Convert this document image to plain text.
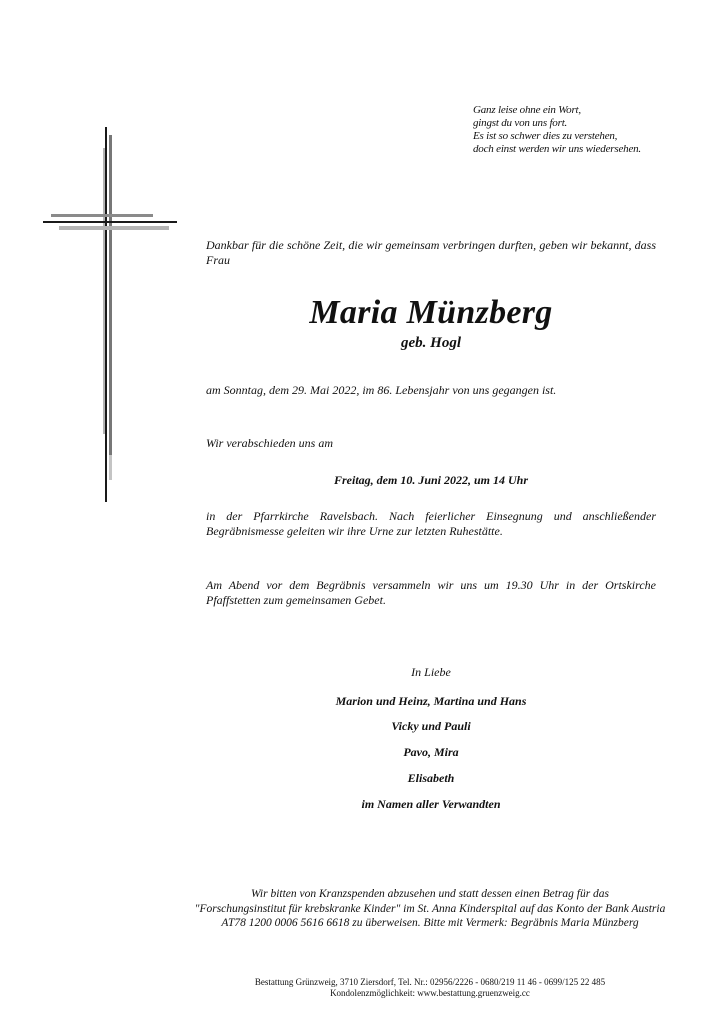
Ganz leise ohne ein Wort,
gingst du von uns fort.
Es ist so schwer dies zu verstehen,
doch einst werden wir uns wiedersehen.
Dankbar für die schöne Zeit, die wir gemeinsam verbringen durften, geben wir bekannt, dass Frau
Maria Münzberg
geb. Hogl
am Sonntag, dem 29. Mai 2022, im 86. Lebensjahr von uns gegangen ist.
Wir verabschieden uns am
Freitag, dem 10. Juni 2022, um 14 Uhr
in der Pfarrkirche Ravelsbach. Nach feierlicher Einsegnung und anschließender Begräbnismesse geleiten wir ihre Urne zur letzten Ruhestätte.
Am Abend vor dem Begräbnis versammeln wir uns um 19.30 Uhr in der Ortskirche Pfaffstetten zum gemeinsamen Gebet.
In Liebe
Marion und Heinz, Martina und Hans
Vicky und Pauli
Pavo, Mira
Elisabeth
im Namen aller Verwandten
Wir bitten von Kranzspenden abzusehen und statt dessen einen Betrag für das
"Forschungsinstitut für krebskranke Kinder" im St. Anna Kinderspital auf das Konto der Bank Austria
AT78 1200 0006 5616 6618 zu überweisen. Bitte mit Vermerk: Begräbnis Maria Münzberg
Bestattung Grünzweig, 3710 Ziersdorf, Tel. Nr.: 02956/2226 - 0680/219 11 46 - 0699/125 22 485
Kondolenzmöglichkeit: www.bestattung.gruenzweig.cc
